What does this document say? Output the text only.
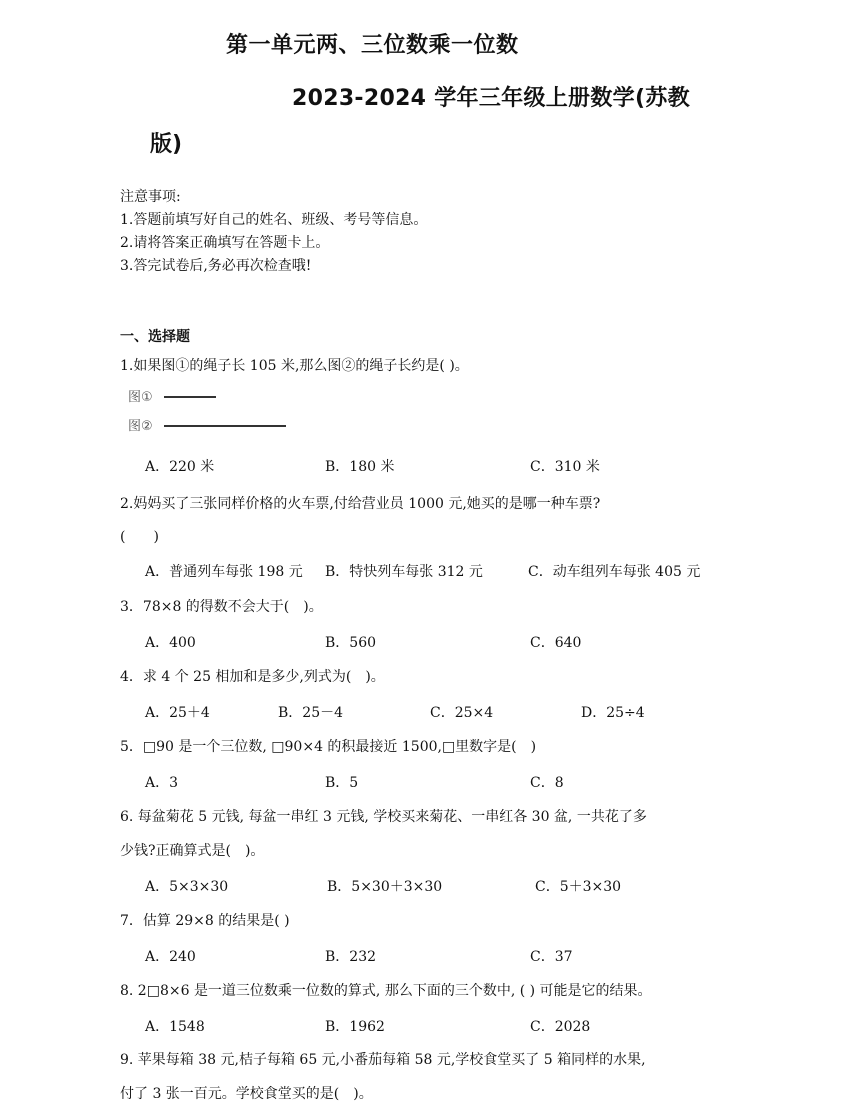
第一单元两、三位数乘一位数
2023-2024 学年三年级上册数学(苏教
版)
注意事项:
1.答题前填写好自己的姓名、班级、考号等信息。
2.请将答案正确填写在答题卡上。
3.答完试卷后,务必再次检查哦!
一、选择题
1.如果图①的绳子长 105 米,那么图②的绳子长约是( )。
图①
图②
A．220 米	B．180 米	C．310 米
2.妈妈买了三张同样价格的火车票,付给营业员 1000 元,她买的是哪一种车票?
(　　)
A．普通列车每张 198 元 B．特快列车每张 312 元	C．动车组列车每张 405 元
3．78×8 的得数不会大于(　)。
A．400	B．560	C．640
4．求 4 个 25 相加和是多少,列式为(　)。
A．25＋4	B．25－4	C．25×4	D．25÷4
5．□90 是一个三位数, □90×4 的积最接近 1500,□里数字是(　)
A．3	B．5	C．8
6. 每盆菊花 5 元钱, 每盆一串红 3 元钱, 学校买来菊花、一串红各 30 盆, 一共花了多
少钱?正确算式是(　)。
A．5×3×30	B．5×30＋3×30	C．5＋3×30
7．估算 29×8 的结果是( )
A．240	B．232	C．37
8. 2□8×6 是一道三位数乘一位数的算式, 那么下面的三个数中, ( ) 可能是它的结果。
A．1548	B．1962	C．2028
9. 苹果每箱 38 元,桔子每箱 65 元,小番茄每箱 58 元,学校食堂买了 5 箱同样的水果,
付了 3 张一百元。学校食堂买的是(　)。
